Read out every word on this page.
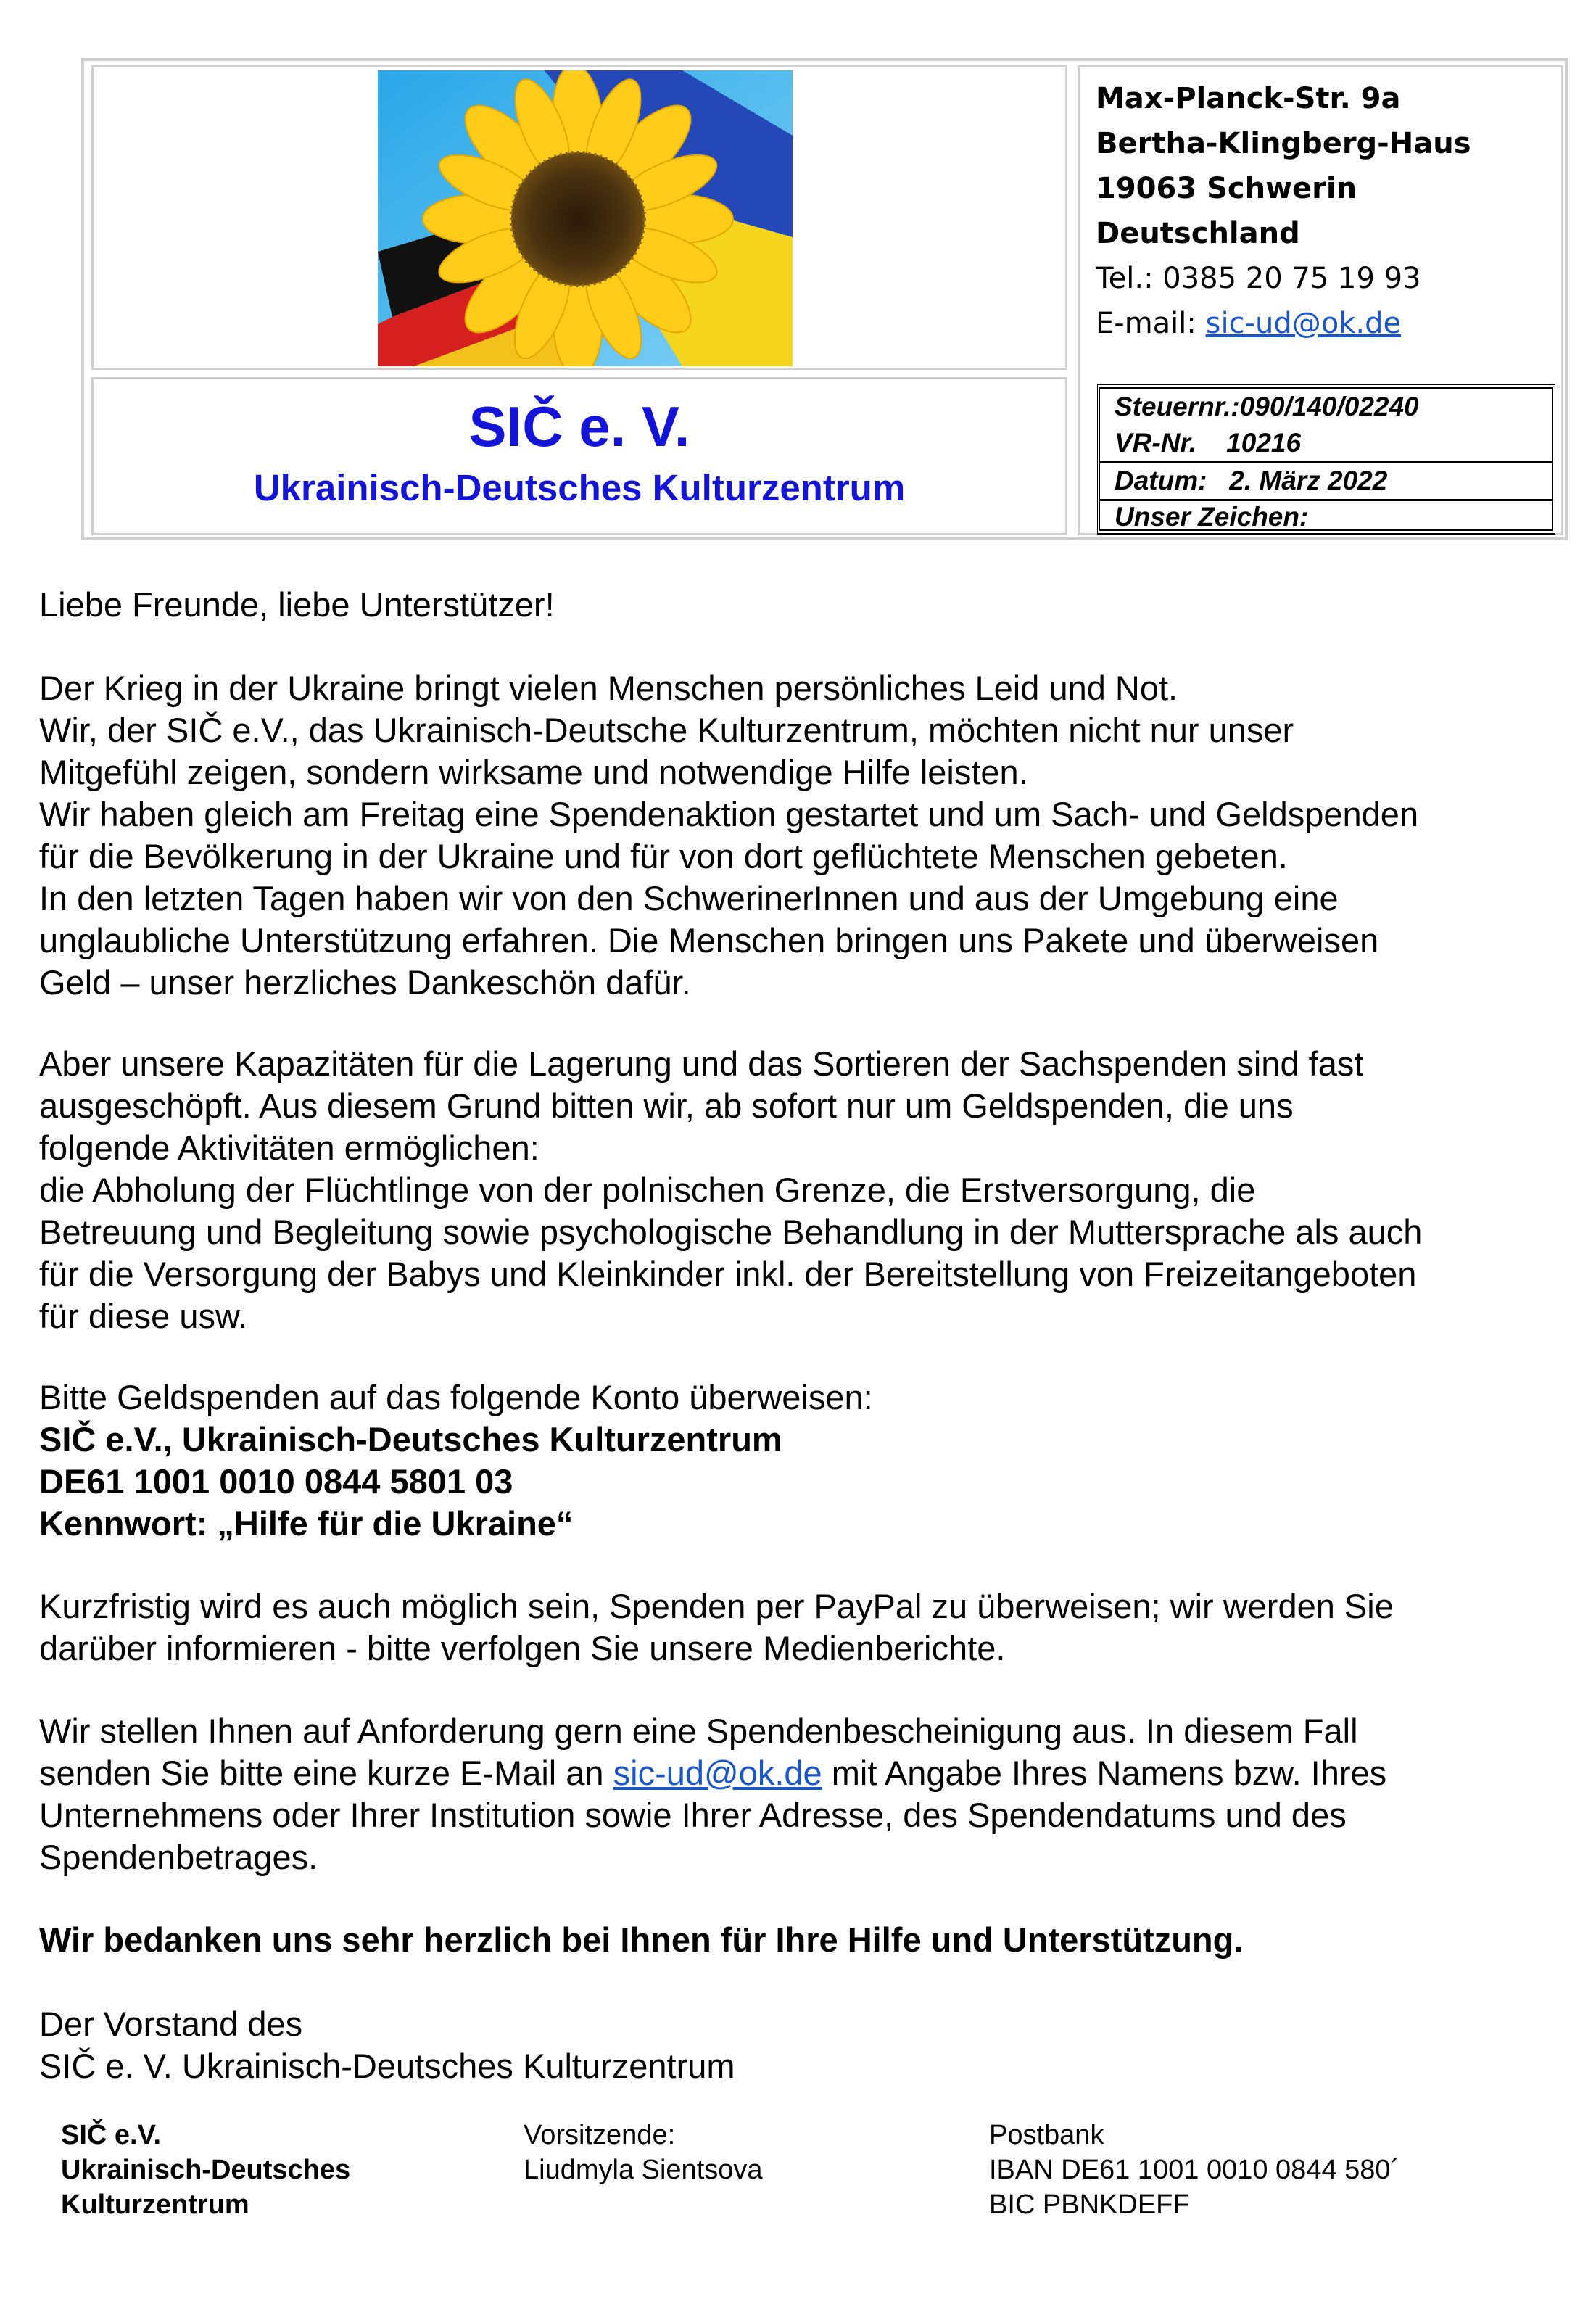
SIČ e. V.
Ukrainisch-Deutsches Kulturzentrum
Max-Planck-Str. 9a
Bertha-Klingberg-Haus
19063 Schwerin
Deutschland
Tel.: 0385 20 75 19 93
E-mail: sic-ud@ok.de
Steuernr.:090/140/02240
VR-Nr.    10216
Datum:   2. März 2022
Unser Zeichen:
Liebe Freunde, liebe Unterstützer!
Der Krieg in der Ukraine bringt vielen Menschen persönliches Leid und Not.
Wir, der SIČ e.V., das Ukrainisch-Deutsche Kulturzentrum, möchten nicht nur unser
Mitgefühl zeigen, sondern wirksame und notwendige Hilfe leisten.
Wir haben gleich am Freitag eine Spendenaktion gestartet und um Sach- und Geldspenden
für die Bevölkerung in der Ukraine und für von dort geflüchtete Menschen gebeten.
In den letzten Tagen haben wir von den SchwerinerInnen und aus der Umgebung eine
unglaubliche Unterstützung erfahren. Die Menschen bringen uns Pakete und überweisen
Geld – unser herzliches Dankeschön dafür.
Aber unsere Kapazitäten für die Lagerung und das Sortieren der Sachspenden sind fast
ausgeschöpft. Aus diesem Grund bitten wir, ab sofort nur um Geldspenden, die uns
folgende Aktivitäten ermöglichen:
die Abholung der Flüchtlinge von der polnischen Grenze, die Erstversorgung, die
Betreuung und Begleitung sowie psychologische Behandlung in der Muttersprache als auch
für die Versorgung der Babys und Kleinkinder inkl. der Bereitstellung von Freizeitangeboten
für diese usw.
Bitte Geldspenden auf das folgende Konto überweisen:
SIČ e.V., Ukrainisch-Deutsches Kulturzentrum
DE61 1001 0010 0844 5801 03
Kennwort: „Hilfe für die Ukraine“
Kurzfristig wird es auch möglich sein, Spenden per PayPal zu überweisen; wir werden Sie
darüber informieren - bitte verfolgen Sie unsere Medienberichte.
Wir stellen Ihnen auf Anforderung gern eine Spendenbescheinigung aus. In diesem Fall
senden Sie bitte eine kurze E-Mail an sic-ud@ok.de mit Angabe Ihres Namens bzw. Ihres
Unternehmens oder Ihrer Institution sowie Ihrer Adresse, des Spendendatums und des
Spendenbetrages.
Wir bedanken uns sehr herzlich bei Ihnen für Ihre Hilfe und Unterstützung.
Der Vorstand des
SIČ e. V. Ukrainisch-Deutsches Kulturzentrum
SIČ e.V.
Ukrainisch-Deutsches
Kulturzentrum
Vorsitzende:
Liudmyla Sientsova
Postbank
IBAN DE61 1001 0010 0844 580´
BIC PBNKDEFF
